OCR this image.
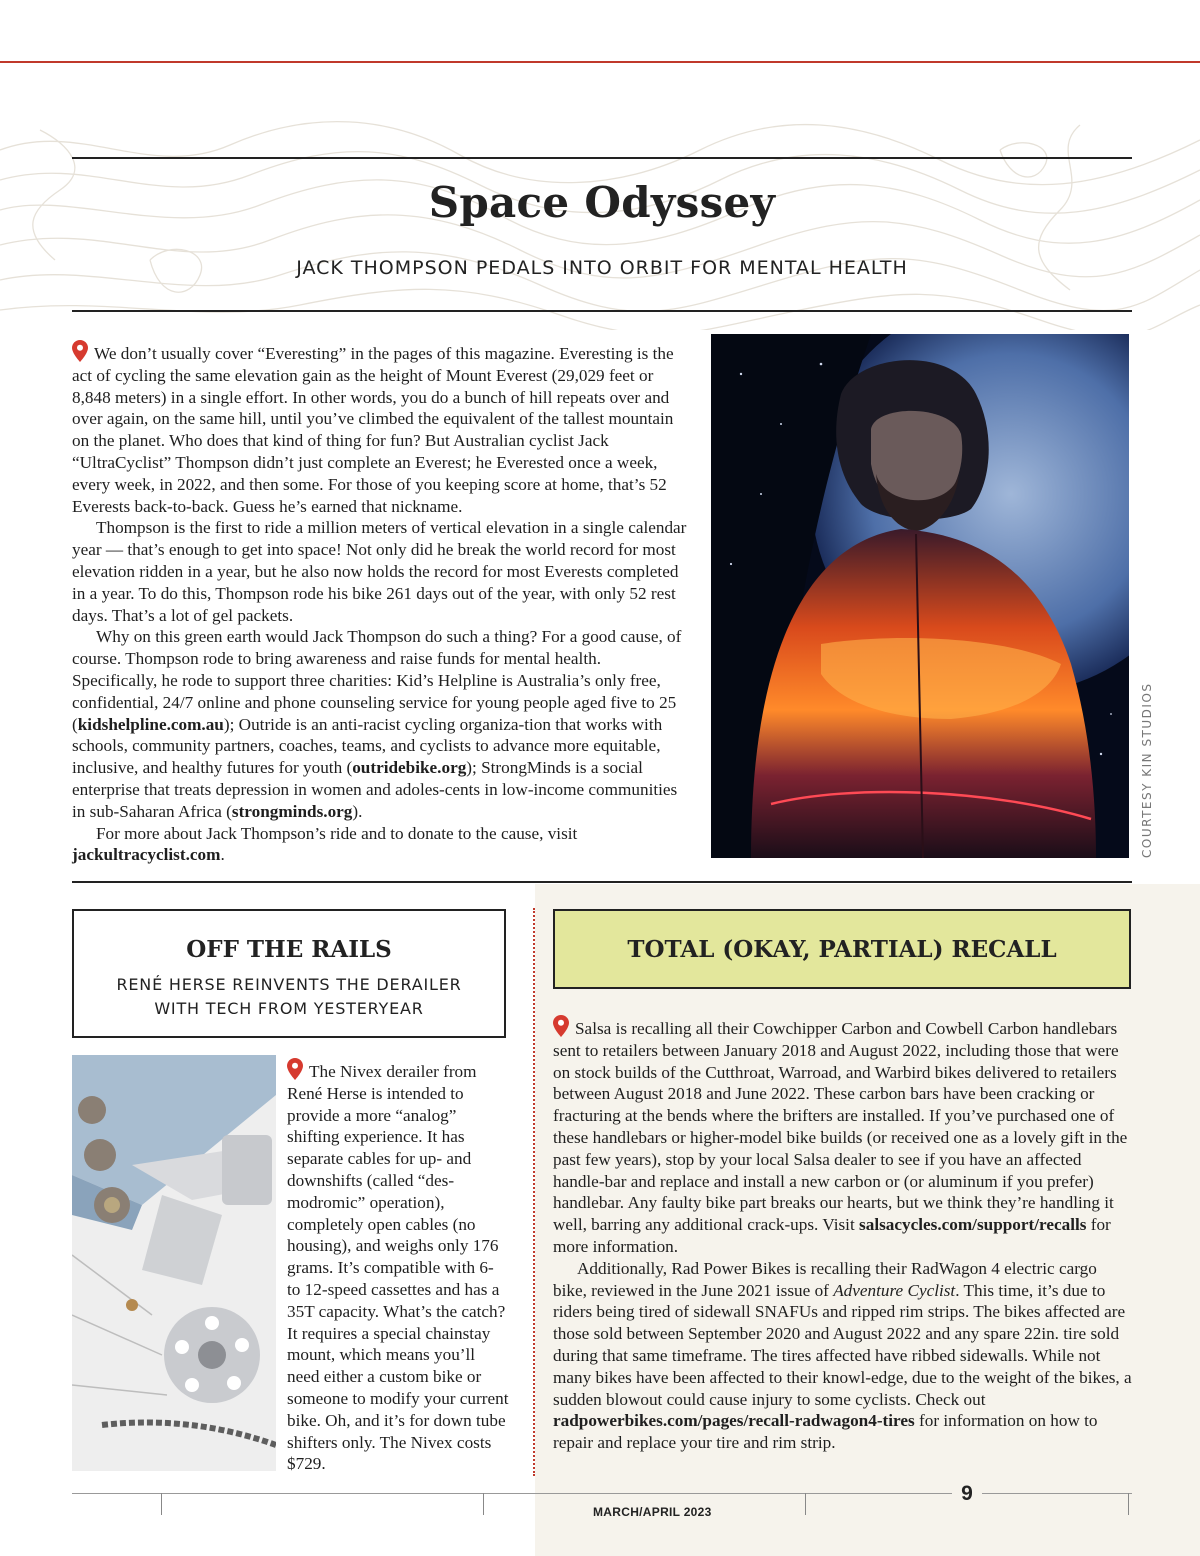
Space Odyssey
JACK THOMPSON PEDALS INTO ORBIT FOR MENTAL HEALTH

We don’t usually cover “Everesting” in the pages of this magazine. Everesting is the act of cycling the same elevation gain as the height of Mount Everest (29,029 feet or 8,848 meters) in a single effort. In other words, you do a bunch of hill repeats over and over again, on the same hill, until you’ve climbed the equivalent of the tallest mountain on the planet. Who does that kind of thing for fun? But Australian cyclist Jack “UltraCyclist” Thompson didn’t just complete an Everest; he Everested once a week, every week, in 2022, and then some. For those of you keeping score at home, that’s 52 Everests back-to-back. Guess he’s earned that nickname.

Thompson is the first to ride a million meters of vertical elevation in a single calendar year — that’s enough to get into space! Not only did he break the world record for most elevation ridden in a year, but he also now holds the record for most Everests completed in a year. To do this, Thompson rode his bike 261 days out of the year, with only 52 rest days. That’s a lot of gel packets.

Why on this green earth would Jack Thompson do such a thing? For a good cause, of course. Thompson rode to bring awareness and raise funds for mental health. Specifically, he rode to support three charities: Kid’s Helpline is Australia’s only free, confidential, 24/7 online and phone counseling service for young people aged five to 25 (kidshelpline.com.au); Outride is an anti-racist cycling organiza-tion that works with schools, community partners, coaches, teams, and cyclists to advance more equitable, inclusive, and healthy futures for youth (outridebike.org); StrongMinds is a social enterprise that treats depression in women and adoles-cents in low-income communities in sub-Saharan Africa (strongminds.org).

For more about Jack Thompson’s ride and to donate to the cause, visit jackultracyclist.com.	COURTESY KIN STUDIOS
OFF THE RAILS
RENÉ HERSE REINVENTS THE DERAILER
WITH TECH FROM YESTERYEAR
TOTAL (OKAY, PARTIAL) RECALL

The Nivex derailer from René Herse is intended to provide a more “analog” shifting experience. It has separate cables for up- and downshifts (called “des-modromic” operation), completely open cables (no housing), and weighs only 176 grams. It’s compatible with 6- to 12-speed cassettes and has a 35T capacity. What’s the catch? It requires a special chainstay mount, which means you’ll need either a custom bike or someone to modify your current bike. Oh, and it’s for down tube shifters only. The Nivex costs $729.

Salsa is recalling all their Cowchipper Carbon and Cowbell Carbon handlebars sent to retailers between January 2018 and August 2022, including those that were on stock builds of the Cutthroat, Warroad, and Warbird bikes delivered to retailers between August 2018 and June 2022. These carbon bars have been cracking or fracturing at the bends where the brifters are installed. If you’ve purchased one of these handlebars or higher-model bike builds (or received one as a lovely gift in the past few years), stop by your local Salsa dealer to see if you have an affected handle-bar and replace and install a new carbon or (or aluminum if you prefer) handlebar. Any faulty bike part breaks our hearts, but we think they’re handling it well, barring any additional crack-ups. Visit salsacycles.com/support/recalls for more information.

Additionally, Rad Power Bikes is recalling their RadWagon 4 electric cargo bike, reviewed in the June 2021 issue of Adventure Cyclist. This time, it’s due to riders being tired of sidewall SNAFUs and ripped rim strips. The bikes affected are those sold between September 2020 and August 2022 and any spare 22in. tire sold during that same timeframe. The tires affected have ribbed sidewalls. While not many bikes have been affected to their knowl-edge, due to the weight of the bikes, a sudden blowout could cause injury to some cyclists. Check out radpowerbikes.com/pages/recall-radwagon4-tires for information on how to repair and replace your tire and rim strip.

MARCH/APRIL 2023
9
